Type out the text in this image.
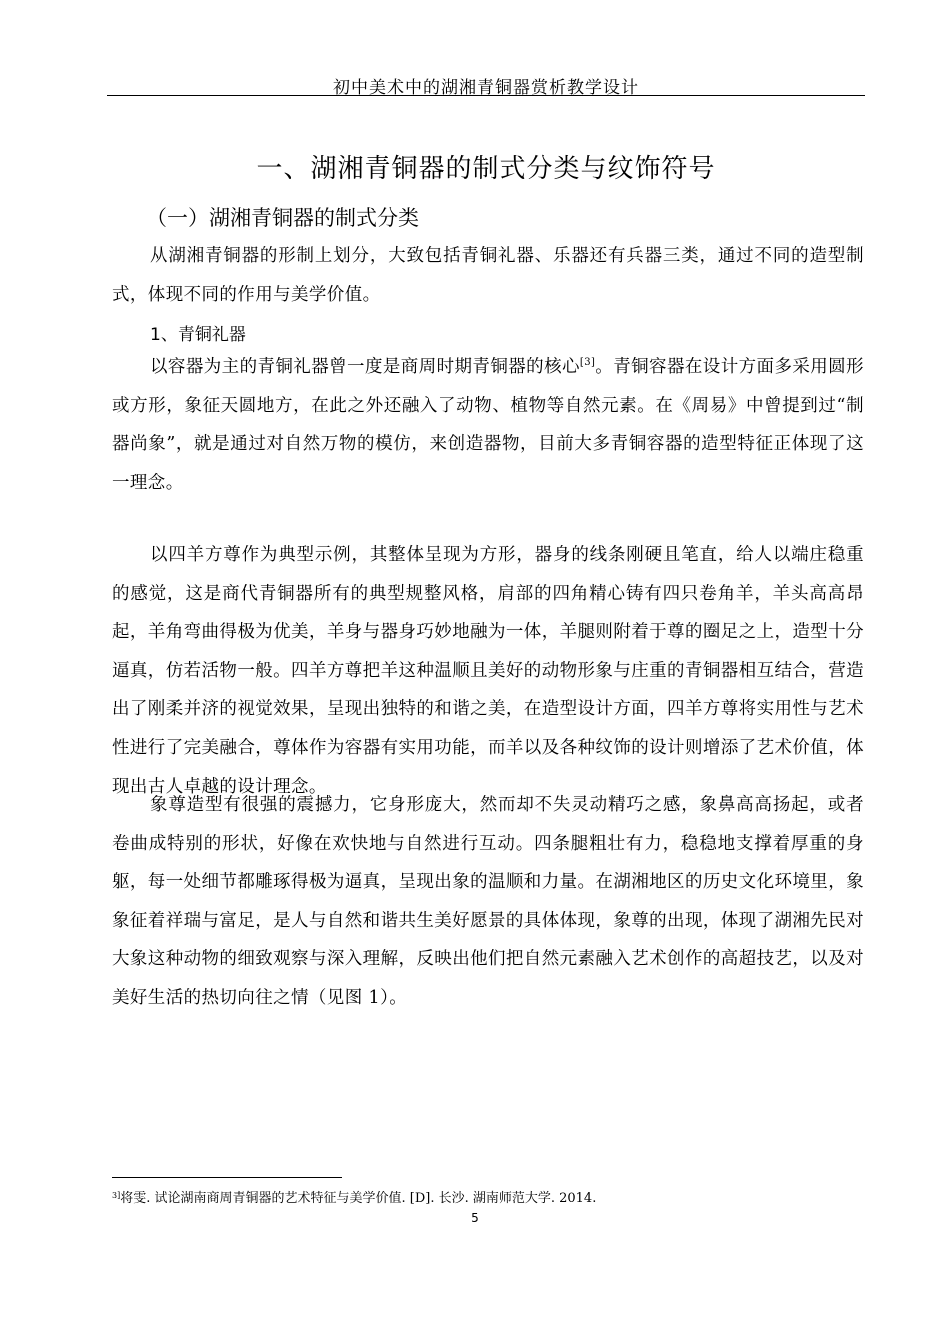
初中美术中的湖湘青铜器赏析教学设计
一、湖湘青铜器的制式分类与纹饰符号
（一）湖湘青铜器的制式分类

从湖湘青铜器的形制上划分，大致包括青铜礼器、乐器还有兵器三类，通过不同的造型制式，体现不同的作用与美学价值。

1、青铜礼器

以容器为主的青铜礼器曾一度是商周时期青铜器的核心[3]。青铜容器在设计方面多采用圆形或方形，象征天圆地方，在此之外还融入了动物、植物等自然元素。在《周易》中曾提到过“制器尚象”，就是通过对自然万物的模仿，来创造器物，目前大多青铜容器的造型特征正体现了这一理念。

以四羊方尊作为典型示例，其整体呈现为方形，器身的线条刚硬且笔直，给人以端庄稳重的感觉，这是商代青铜器所有的典型规整风格，肩部的四角精心铸有四只卷角羊，羊头高高昂起，羊角弯曲得极为优美，羊身与器身巧妙地融为一体，羊腿则附着于尊的圈足之上，造型十分逼真，仿若活物一般。四羊方尊把羊这种温顺且美好的动物形象与庄重的青铜器相互结合，营造出了刚柔并济的视觉效果，呈现出独特的和谐之美，在造型设计方面，四羊方尊将实用性与艺术性进行了完美融合，尊体作为容器有实用功能，而羊以及各种纹饰的设计则增添了艺术价值，体现出古人卓越的设计理念。

象尊造型有很强的震撼力，它身形庞大，然而却不失灵动精巧之感，象鼻高高扬起，或者卷曲成特别的形状，好像在欢快地与自然进行互动。四条腿粗壮有力，稳稳地支撑着厚重的身躯，每一处细节都雕琢得极为逼真，呈现出象的温顺和力量。在湖湘地区的历史文化环境里，象象征着祥瑞与富足，是人与自然和谐共生美好愿景的具体体现，象尊的出现，体现了湖湘先民对大象这种动物的细致观察与深入理解，反映出他们把自然元素融入艺术创作的高超技艺，以及对美好生活的热切向往之情（见图 1）。

$^{3]}$将雯. 试论湖南商周青铜器的艺术特征与美学价值. [D]. 长沙. 湖南师范大学. 2014.
5
